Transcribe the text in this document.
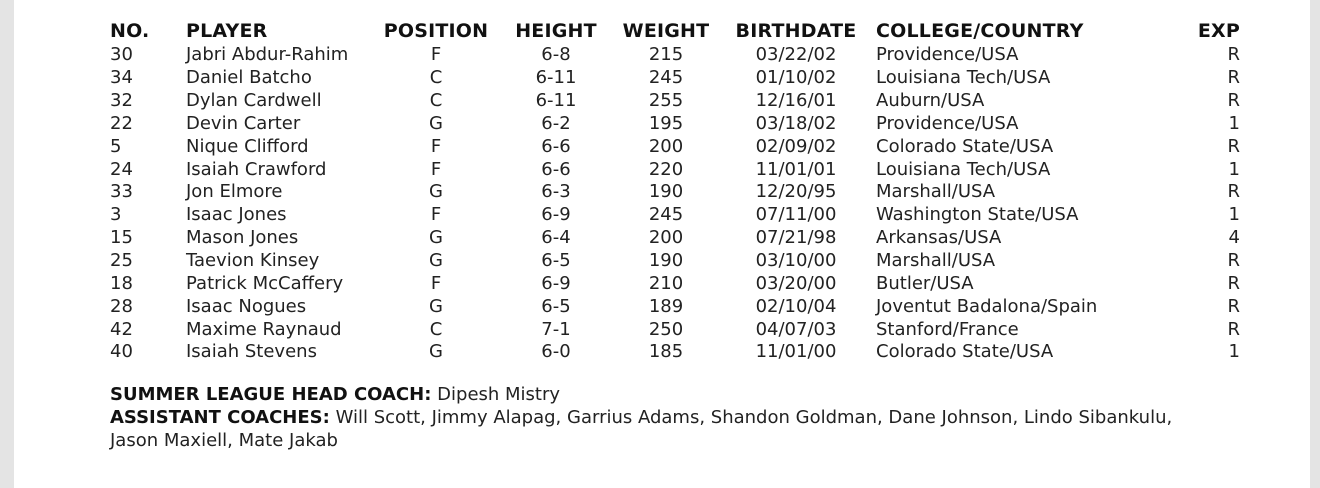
NO.	PLAYER	POSITION	HEIGHT	WEIGHT	BIRTHDATE	COLLEGE/COUNTRY	EXP
30	Jabri Abdur-Rahim	F	6-8	215	03/22/02	Providence/USA	R
34	Daniel Batcho	C	6-11	245	01/10/02	Louisiana Tech/USA	R
32	Dylan Cardwell	C	6-11	255	12/16/01	Auburn/USA	R
22	Devin Carter	G	6-2	195	03/18/02	Providence/USA	1
5	Nique Clifford	F	6-6	200	02/09/02	Colorado State/USA	R
24	Isaiah Crawford	F	6-6	220	11/01/01	Louisiana Tech/USA	1
33	Jon Elmore	G	6-3	190	12/20/95	Marshall/USA	R
3	Isaac Jones	F	6-9	245	07/11/00	Washington State/USA	1
15	Mason Jones	G	6-4	200	07/21/98	Arkansas/USA	4
25	Taevion Kinsey	G	6-5	190	03/10/00	Marshall/USA	R
18	Patrick McCaffery	F	6-9	210	03/20/00	Butler/USA	R
28	Isaac Nogues	G	6-5	189	02/10/04	Joventut Badalona/Spain	R
42	Maxime Raynaud	C	7-1	250	04/07/03	Stanford/France	R
40	Isaiah Stevens	G	6-0	185	11/01/00	Colorado State/USA	1
SUMMER LEAGUE HEAD COACH: Dipesh Mistry
ASSISTANT COACHES: Will Scott, Jimmy Alapag, Garrius Adams, Shandon Goldman, Dane Johnson, Lindo Sibankulu, Jason Maxiell, Mate Jakab
